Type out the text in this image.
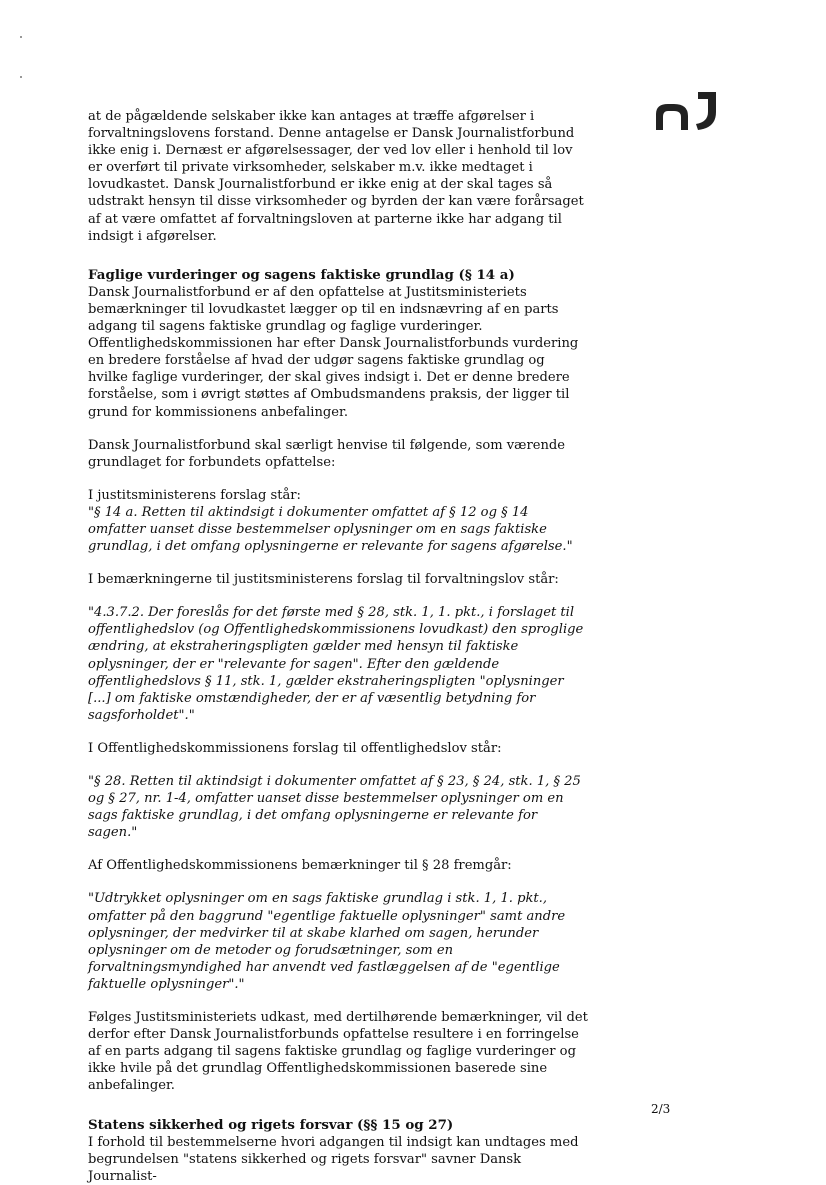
at de pågældende selskaber ikke kan antages at træffe afgørelser i forvaltningslovens forstand. Denne antagelse er Dansk Journalistforbund ikke enig i. Dernæst er afgørelsessager, der ved lov eller i henhold til lov er overført til private virksomheder, selskaber m.v. ikke medtaget i lovudkastet. Dansk Journalistforbund er ikke enig at der skal tages så udstrakt hensyn til disse virksomheder og byrden der kan være forårsaget af at være omfattet af forvaltningsloven at parterne ikke har adgang til indsigt i afgørelser.

Faglige vurderinger og sagens faktiske grundlag (§ 14 a)

Dansk Journalistforbund er af den opfattelse at Justitsministeriets bemærkninger til lovudkastet lægger op til en indsnævring af en parts adgang til sagens faktiske grundlag og faglige vurderinger. Offentlighedskommissionen har efter Dansk Journalistforbunds vurdering en bredere forståelse af hvad der udgør sagens faktiske grundlag og hvilke faglige vurderinger, der skal gives indsigt i. Det er denne bredere forståelse, som i øvrigt støttes af Ombudsmandens praksis, der ligger til grund for kommissionens anbefalinger.

Dansk Journalistforbund skal særligt henvise til følgende, som værende grundlaget for forbundets opfattelse:

I justitsministerens forslag står:

"§ 14 a. Retten til aktindsigt i dokumenter omfattet af § 12 og § 14 omfatter uanset disse bestemmelser oplysninger om en sags faktiske grundlag, i det omfang oplysningerne er relevante for sagens afgørelse."

I bemærkningerne til justitsministerens forslag til forvaltningslov står:

"4.3.7.2. Der foreslås for det første med § 28, stk. 1, 1. pkt., i forslaget til offentlighedslov (og Offentlighedskommissionens lovudkast) den sproglige ændring, at ekstraheringspligten gælder med hensyn til faktiske oplysninger, der er "relevante for sagen". Efter den gældende offentlighedslovs § 11, stk. 1, gælder ekstraheringspligten "oplysninger [...] om faktiske omstændigheder, der er af væsentlig betydning for sagsforholdet"."

I Offentlighedskommissionens forslag til offentlighedslov står:

"§ 28. Retten til aktindsigt i dokumenter omfattet af § 23, § 24, stk. 1, § 25 og § 27, nr. 1-4, omfatter uanset disse bestemmelser oplysninger om en sags faktiske grundlag, i det omfang oplysningerne er relevante for sagen."

Af Offentlighedskommissionens bemærkninger til § 28 fremgår:

"Udtrykket oplysninger om en sags faktiske grundlag i stk. 1, 1. pkt., omfatter på den baggrund "egentlige faktuelle oplysninger" samt andre oplysninger, der medvirker til at skabe klarhed om sagen, herunder oplysninger om de metoder og forudsætninger, som en forvaltningsmyndighed har anvendt ved fastlæggelsen af de "egentlige faktuelle oplysninger"."

Følges Justitsministeriets udkast, med dertilhørende bemærkninger, vil det derfor efter Dansk Journalistforbunds opfattelse resultere i en forringelse af en parts adgang til sagens faktiske grundlag og faglige vurderinger og ikke hvile på det grundlag Offentlighedskommissionen baserede sine anbefalinger.

Statens sikkerhed og rigets forsvar (§§ 15 og 27)

I forhold til bestemmelserne hvori adgangen til indsigt kan undtages med begrundelsen "statens sikkerhed og rigets forsvar" savner Dansk Journalist-

2/3
